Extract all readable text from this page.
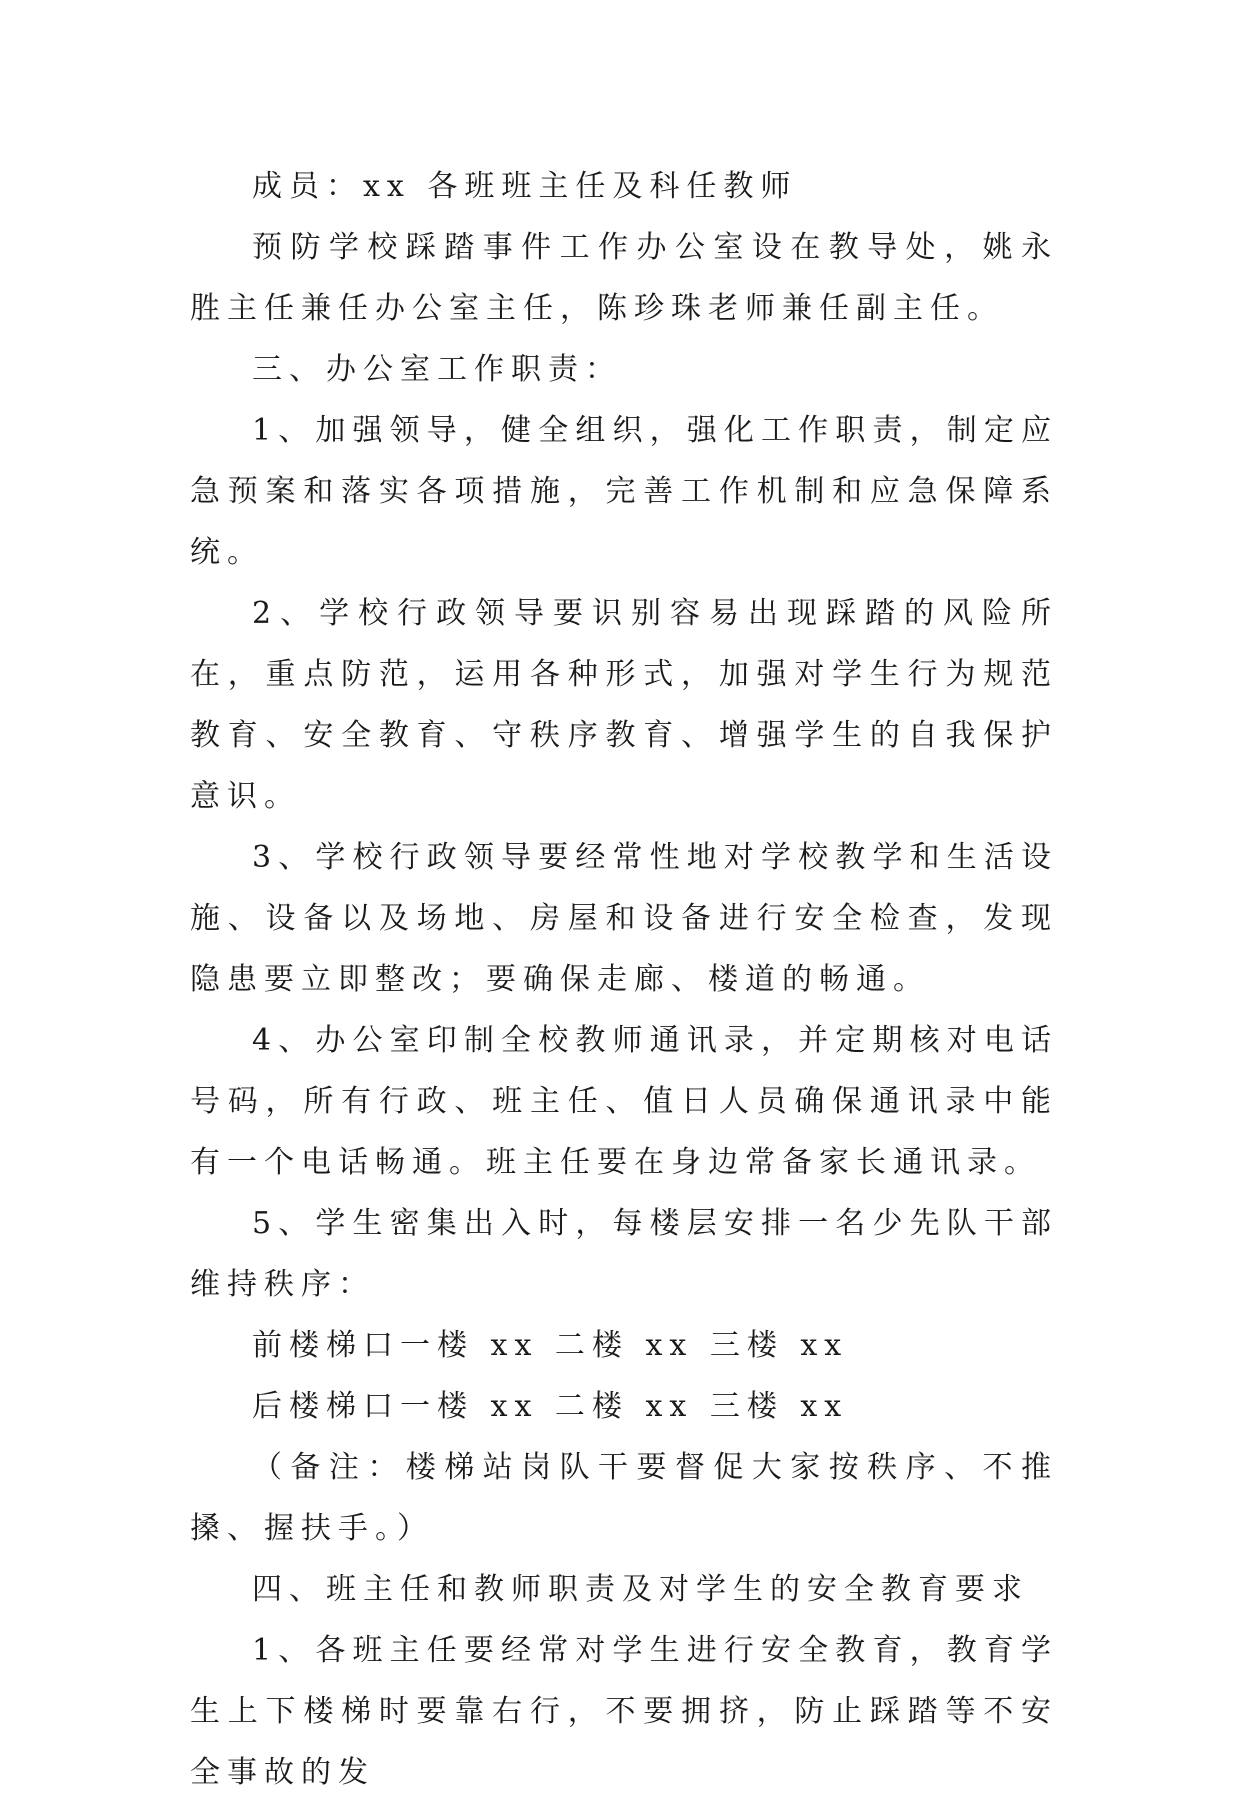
成员：xx 各班班主任及科任教师

预防学校踩踏事件工作办公室设在教导处，姚永胜主任兼任办公室主任，陈珍珠老师兼任副主任。

三、办公室工作职责：

1、加强领导，健全组织，强化工作职责，制定应急预案和落实各项措施，完善工作机制和应急保障系统。

2、学校行政领导要识别容易出现踩踏的风险所在，重点防范，运用各种形式，加强对学生行为规范教育、安全教育、守秩序教育、增强学生的自我保护意识。

3、学校行政领导要经常性地对学校教学和生活设施、设备以及场地、房屋和设备进行安全检查，发现隐患要立即整改；要确保走廊、楼道的畅通。

4、办公室印制全校教师通讯录，并定期核对电话号码，所有行政、班主任、值日人员确保通讯录中能有一个电话畅通。班主任要在身边常备家长通讯录。

5、学生密集出入时，每楼层安排一名少先队干部维持秩序：

前楼梯口一楼 xx 二楼 xx 三楼 xx

后楼梯口一楼 xx 二楼 xx 三楼 xx

（备注：楼梯站岗队干要督促大家按秩序、不推搡、握扶手。）

四、班主任和教师职责及对学生的安全教育要求

1、各班主任要经常对学生进行安全教育，教育学生上下楼梯时要靠右行，不要拥挤，防止踩踏等不安全事故的发
